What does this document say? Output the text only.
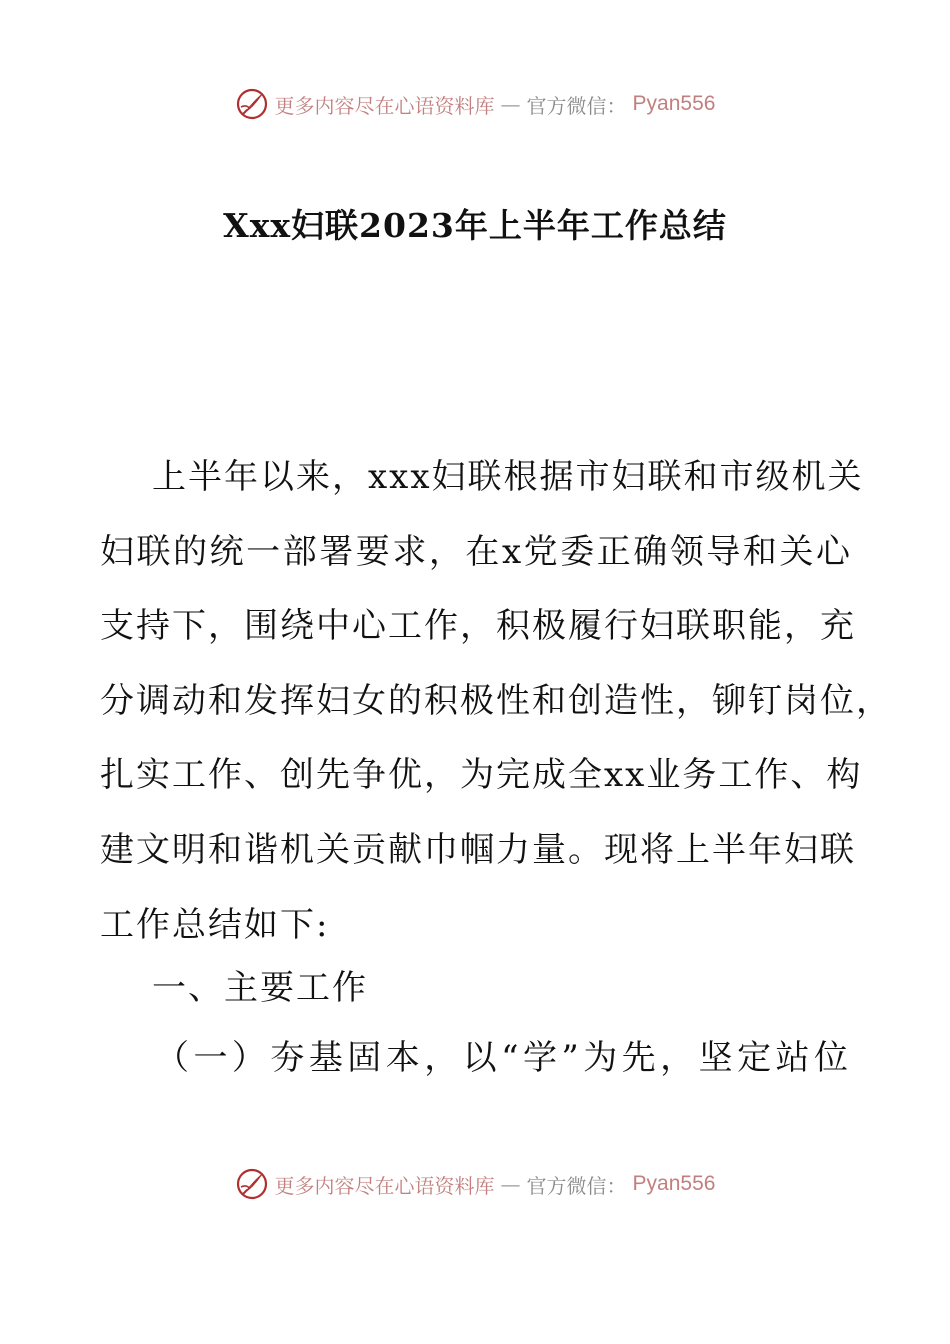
更多内容尽在心语资料库 — 官方微信： Pyan556
Xxx妇联2023年上半年工作总结
上半年以来，xxx妇联根据市妇联和市级机关
妇联的统一部署要求，在x党委正确领导和关心
支持下，围绕中心工作，积极履行妇联职能，充
分调动和发挥妇女的积极性和创造性，铆钉岗位，
扎实工作、创先争优，为完成全xx业务工作、构
建文明和谐机关贡献巾帼力量。现将上半年妇联
工作总结如下:
一、主要工作
（一）夯基固本，以“学”为先，坚定站位
更多内容尽在心语资料库 — 官方微信： Pyan556
